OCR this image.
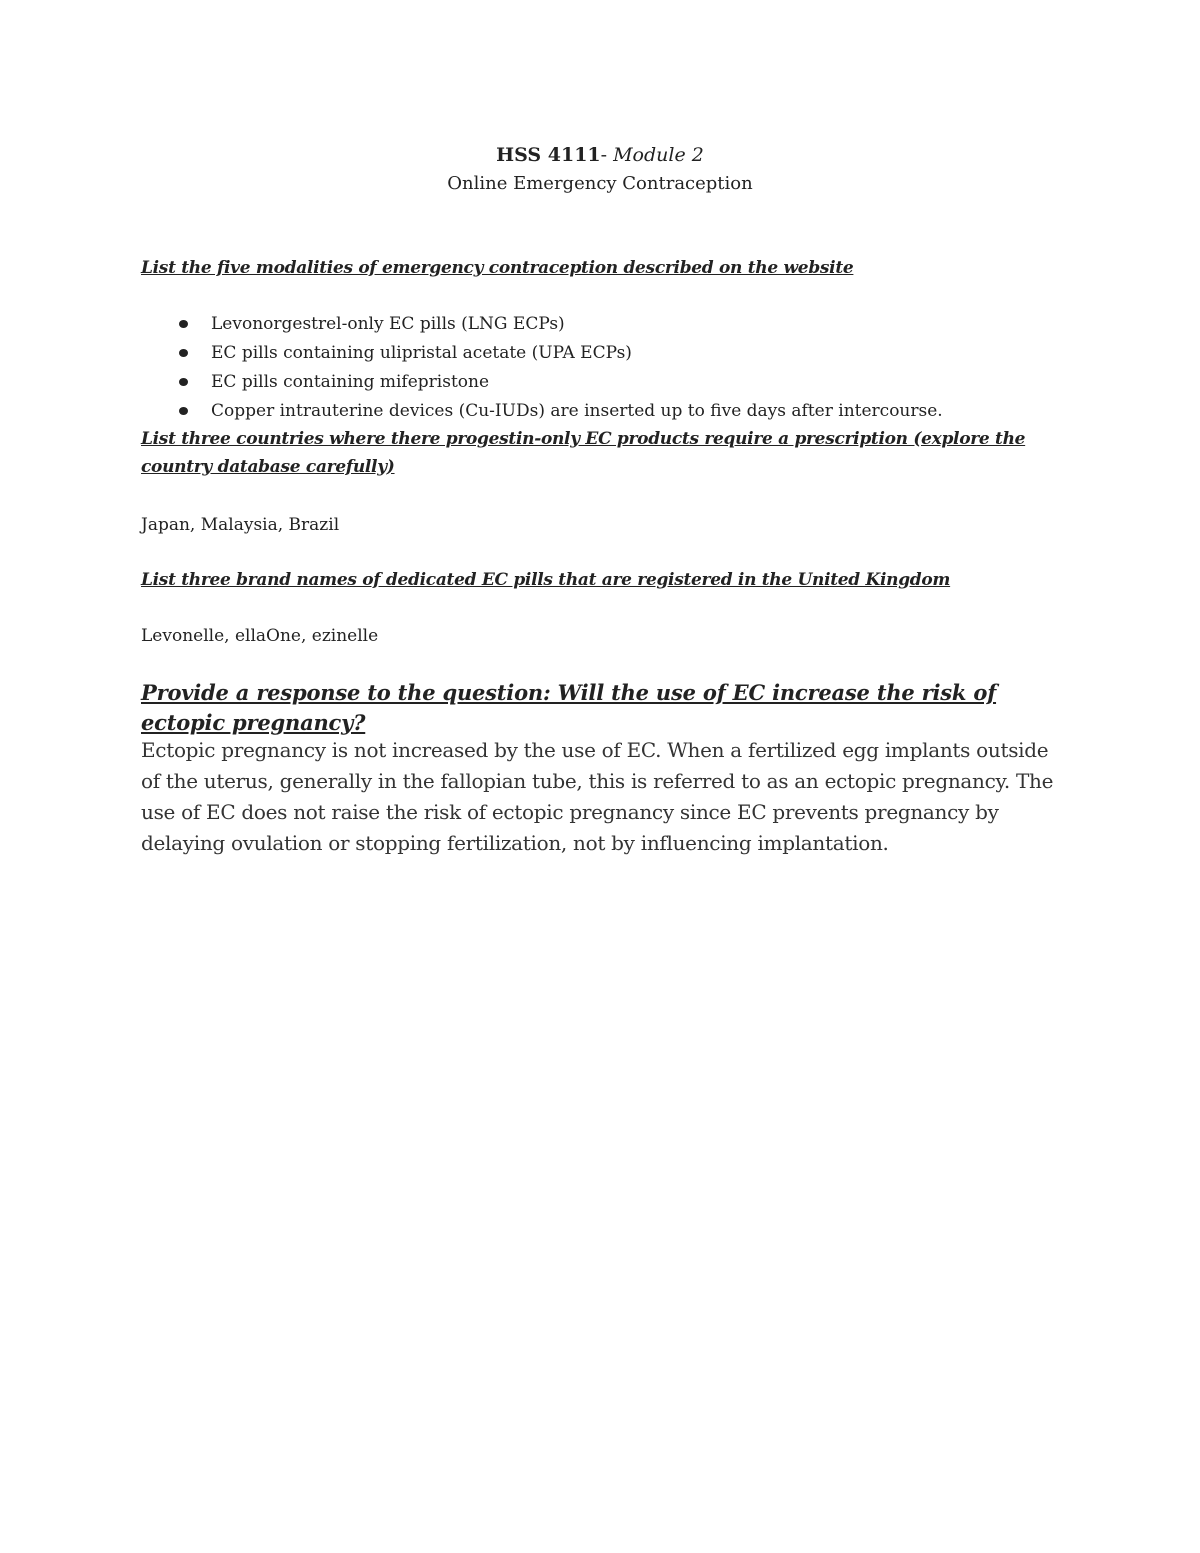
HSS 4111- Module 2

Online Emergency Contraception

List the five modalities of emergency contraception described on the website

Levonorgestrel-only EC pills (LNG ECPs)
EC pills containing ulipristal acetate (UPA ECPs)
EC pills containing mifepristone
Copper intrauterine devices (Cu-IUDs) are inserted up to five days after intercourse.

List three countries where there progestin-only EC products require a prescription (explore the country database carefully)

Japan, Malaysia, Brazil

List three brand names of dedicated EC pills that are registered in the United Kingdom

Levonelle, ellaOne, ezinelle

Provide a response to the question: Will the use of EC increase the risk of ectopic pregnancy?

Ectopic pregnancy is not increased by the use of EC. When a fertilized egg implants outside of the uterus, generally in the fallopian tube, this is referred to as an ectopic pregnancy. The use of EC does not raise the risk of ectopic pregnancy since EC prevents pregnancy by delaying ovulation or stopping fertilization, not by influencing implantation.
